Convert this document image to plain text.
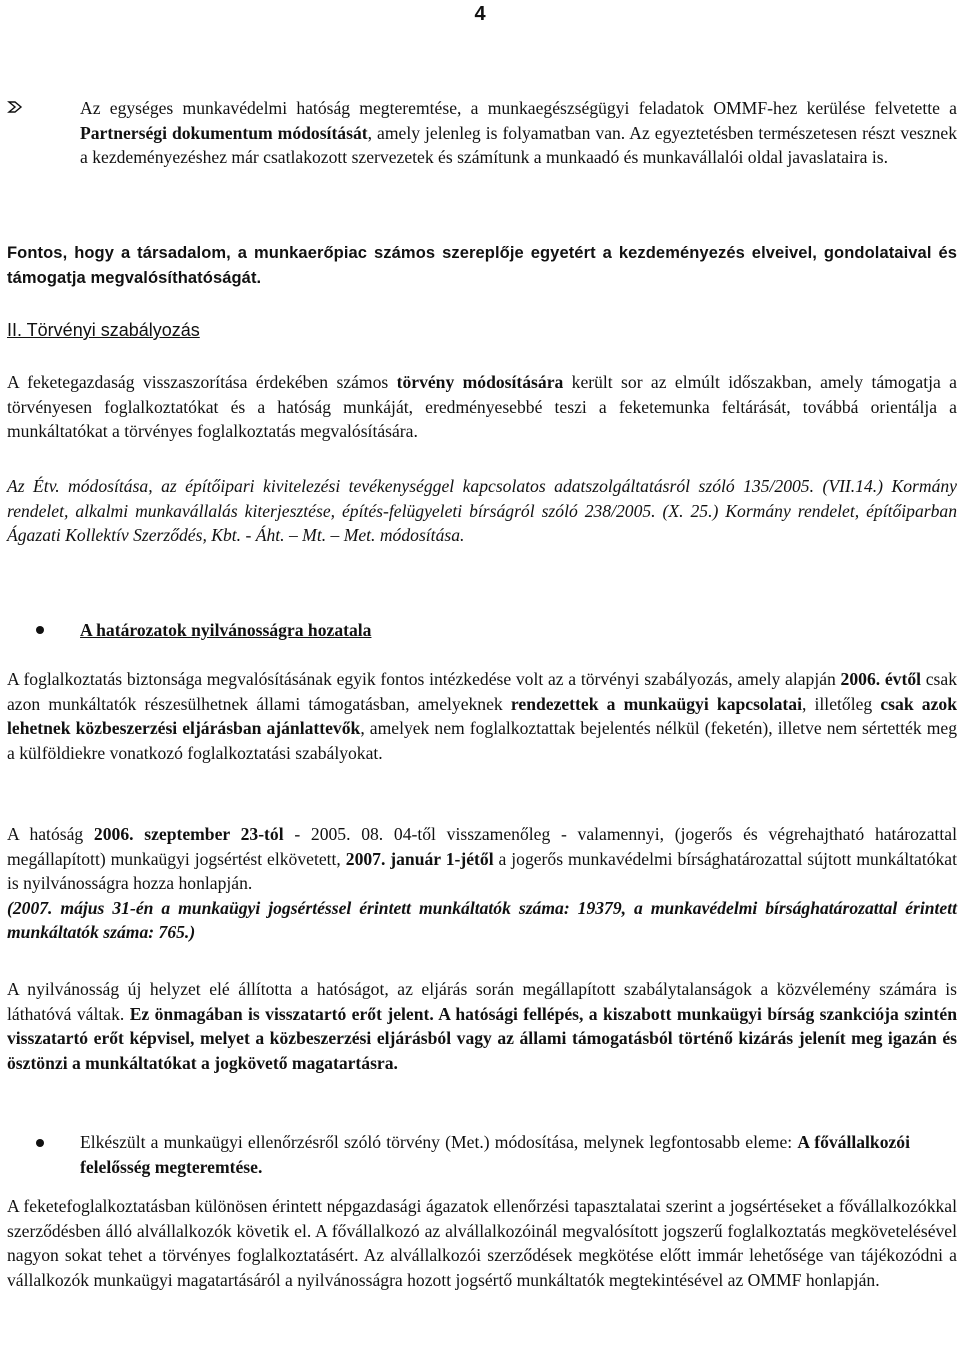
4
Az egységes munkavédelmi hatóság megteremtése, a munkaegészségügyi feladatok OMMF-hez kerülése felvetette a Partnerségi dokumentum módosítását, amely jelenleg is folyamatban van. Az egyeztetésben természetesen részt vesznek a kezdeményezéshez már csatlakozott szervezetek és számítunk a munkaadó és munkavállalói oldal javaslataira is.
Fontos, hogy a társadalom, a munkaerőpiac számos szereplője egyetért a kezdeményezés elveivel, gondolataival és támogatja megvalósíthatóságát.
II. Törvényi szabályozás
A feketegazdaság visszaszorítása érdekében számos törvény módosítására került sor az elmúlt időszakban, amely támogatja a törvényesen foglalkoztatókat és a hatóság munkáját, eredményesebbé teszi a feketemunka feltárását, továbbá orientálja a munkáltatókat a törvényes foglalkoztatás megvalósítására.
Az Étv. módosítása, az építőipari kivitelezési tevékenységgel kapcsolatos adatszolgáltatásról szóló 135/2005. (VII.14.) Kormány rendelet, alkalmi munkavállalás kiterjesztése, építés-felügyeleti bírságról szóló 238/2005. (X. 25.) Kormány rendelet, építőiparban Ágazati Kollektív Szerződés, Kbt. - Áht. – Mt. – Met. módosítása.
A határozatok nyilvánosságra hozatala
A foglalkoztatás biztonsága megvalósításának egyik fontos intézkedése volt az a törvényi szabályozás, amely alapján 2006. évtől csak azon munkáltatók részesülhetnek állami támogatásban, amelyeknek rendezettek a munkaügyi kapcsolatai, illetőleg csak azok lehetnek közbeszerzési eljárásban ajánlattevők, amelyek nem foglalkoztattak bejelentés nélkül (feketén), illetve nem sértették meg a külföldiekre vonatkozó foglalkoztatási szabályokat.
A hatóság 2006. szeptember 23-tól - 2005. 08. 04-től visszamenőleg - valamennyi, (jogerős és végrehajtható határozattal megállapított) munkaügyi jogsértést elkövetett, 2007. január 1-jétől a jogerős munkavédelmi bírsághatározattal sújtott munkáltatókat is nyilvánosságra hozza honlapján.
(2007. május 31-én a munkaügyi jogsértéssel érintett munkáltatók száma: 19379, a munkavédelmi bírsághatározattal érintett munkáltatók száma: 765.)
A nyilvánosság új helyzet elé állította a hatóságot, az eljárás során megállapított szabálytalanságok a közvélemény számára is láthatóvá váltak. Ez önmagában is visszatartó erőt jelent. A hatósági fellépés, a kiszabott munkaügyi bírság szankciója szintén visszatartó erőt képvisel, melyet a közbeszerzési eljárásból vagy az állami támogatásból történő kizárás jelenít meg igazán és ösztönzi a munkáltatókat a jogkövető magatartásra.
Elkészült a munkaügyi ellenőrzésről szóló törvény (Met.) módosítása, melynek legfontosabb eleme: A fővállalkozói felelősség megteremtése.
A feketefoglalkoztatásban különösen érintett népgazdasági ágazatok ellenőrzési tapasztalatai szerint a jogsértéseket a fővállalkozókkal szerződésben álló alvállalkozók követik el. A fővállalkozó az alvállalkozóinál megvalósított jogszerű foglalkoztatás megkövetelésével nagyon sokat tehet a törvényes foglalkoztatásért. Az alvállalkozói szerződések megkötése előtt immár lehetősége van tájékozódni a vállalkozók munkaügyi magatartásáról a nyilvánosságra hozott jogsértő munkáltatók megtekintésével az OMMF honlapján.
